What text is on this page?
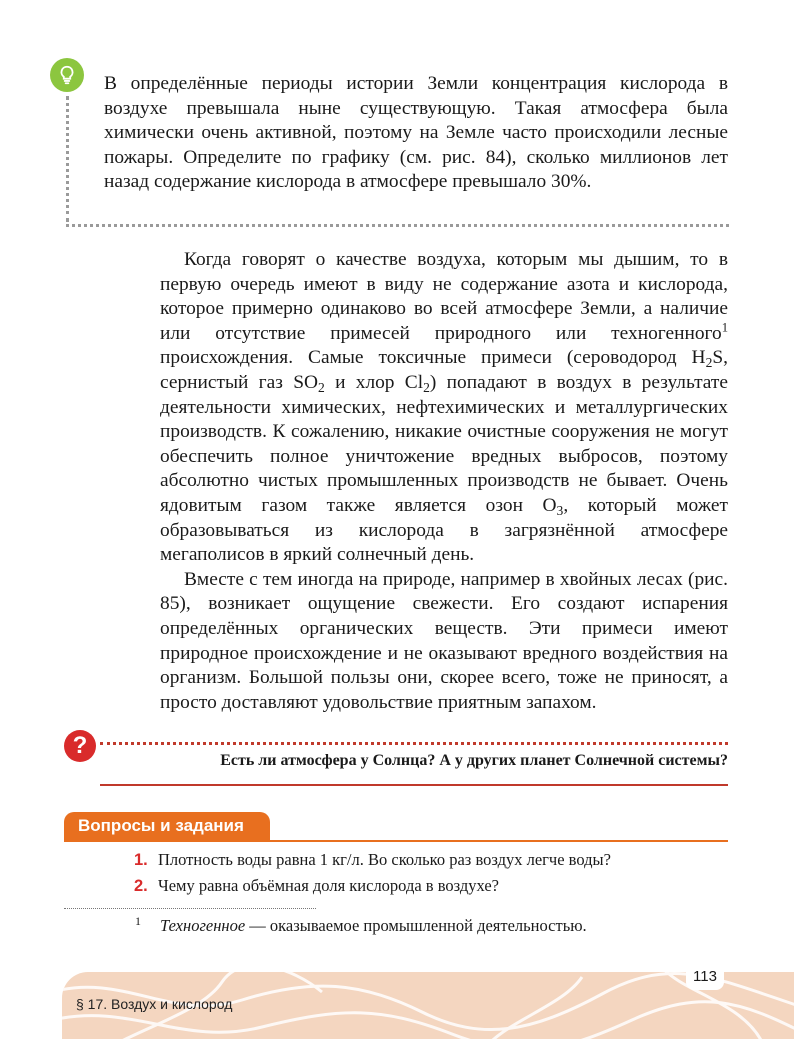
В определённые периоды истории Земли концентрация кислорода в воздухе превышала ныне существующую. Такая атмосфера была химически очень активной, поэтому на Земле часто происходили лесные пожары. Определите по графику (см. рис. 84), сколько миллионов лет назад содержание кислорода в атмосфере превышало 30%.

Когда говорят о качестве воздуха, которым мы дышим, то в первую очередь имеют в виду не содержание азота и кислорода, которое примерно одинаково во всей атмосфере Земли, а наличие или отсутствие примесей природного или техногенного$^1$ происхождения. Самые токсичные примеси (сероводород $H_2S$, сернистый газ $SO_2$ и хлор $Cl_2$) попадают в воздух в результате деятельности химических, нефтехимических и металлургических производств. К сожалению, никакие очистные сооружения не могут обеспечить полное уничтожение вредных выбросов, поэтому абсолютно чистых промышленных производств не бывает. Очень ядовитым газом также является озон $O_3$, который может образовываться из кислорода в загрязнённой атмосфере мегаполисов в яркий солнечный день.

Вместе с тем иногда на природе, например в хвойных лесах (рис. 85), возникает ощущение свежести. Его создают испарения определённых органических веществ. Эти примеси имеют природное происхождение и не оказывают вредного воздействия на организм. Большой пользы они, скорее всего, тоже не приносят, а просто доставляют удовольствие приятным запахом.

?
Есть ли атмосфера у Солнца? А у других планет Солнечной системы?
Вопросы и задания
1. Плотность воды равна 1 кг/л. Во сколько раз воздух легче воды?
2. Чему равна объёмная доля кислорода в воздухе?
1 Техногенное — оказываемое промышленной деятельностью.
113
§ 17. Воздух и кислород
